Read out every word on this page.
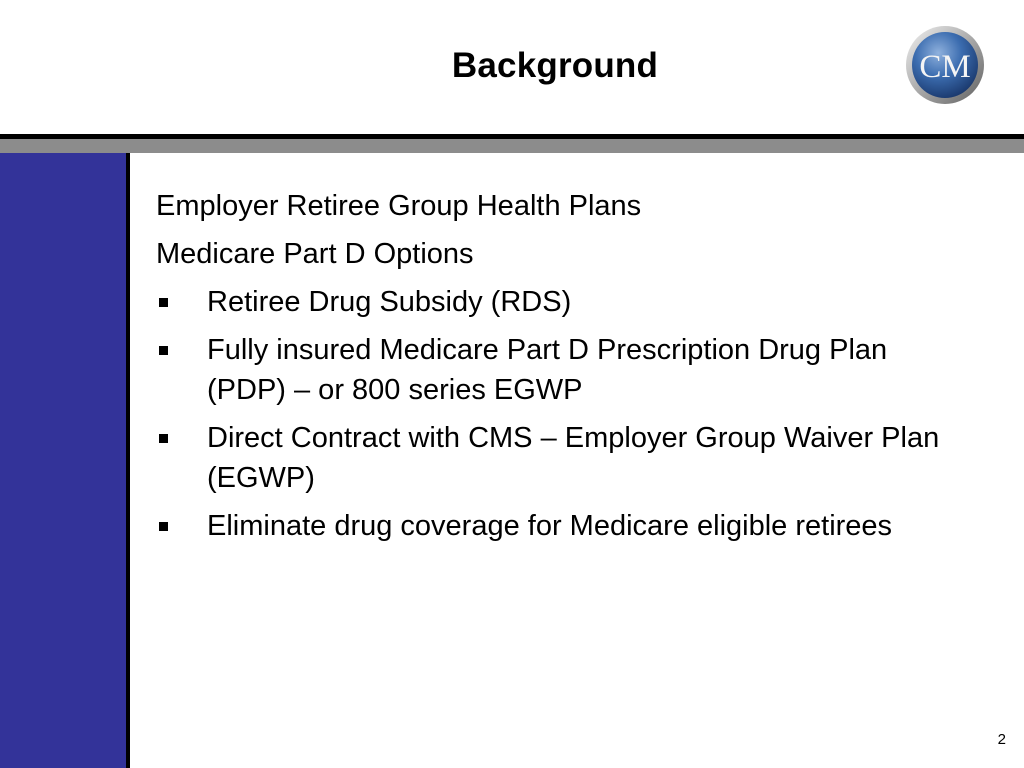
Background	CM
Employer Retiree Group Health Plans
Medicare Part D Options
Retiree Drug Subsidy (RDS)
Fully insured Medicare Part D Prescription Drug Plan (PDP) – or 800 series EGWP
Direct Contract with CMS – Employer Group Waiver Plan (EGWP)
Eliminate drug coverage for Medicare eligible retirees
2
